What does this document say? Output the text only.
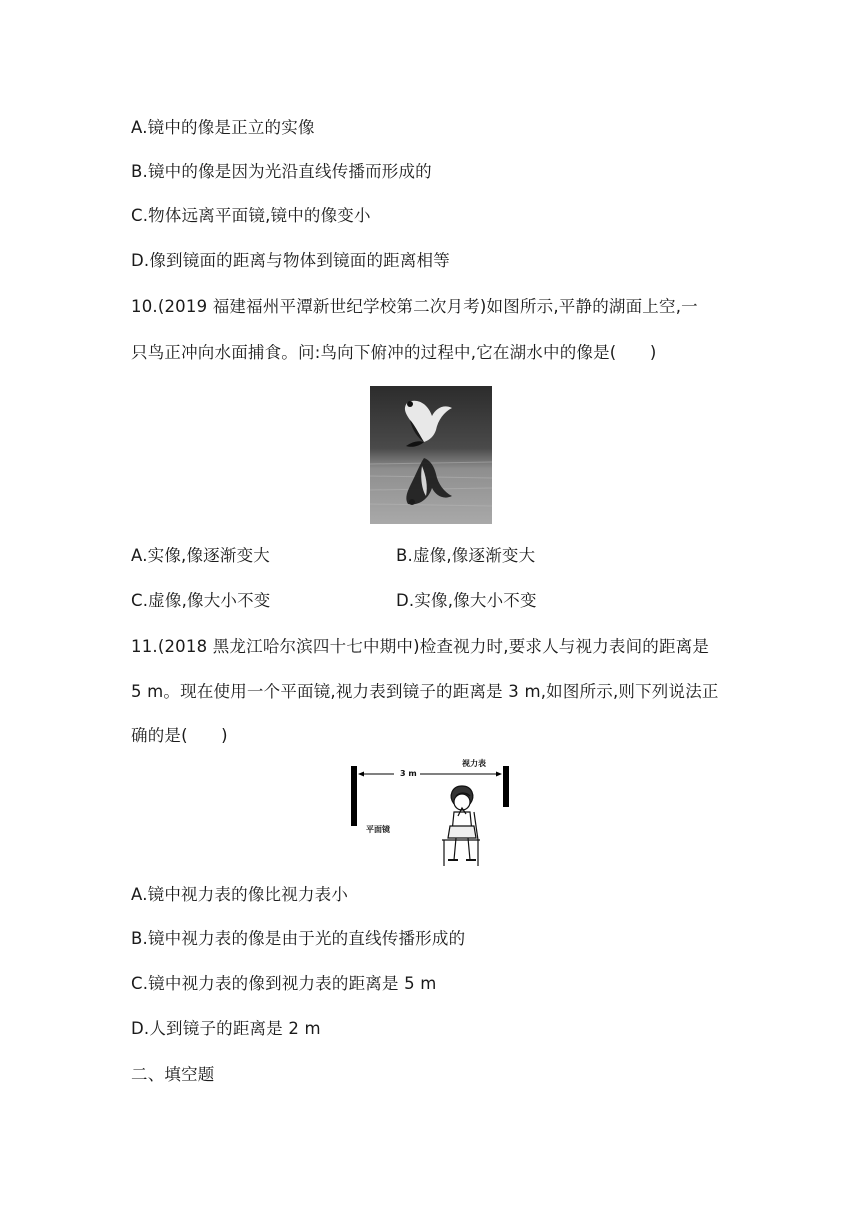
A.镜中的像是正立的实像
B.镜中的像是因为光沿直线传播而形成的
C.物体远离平面镜,镜中的像变小
D.像到镜面的距离与物体到镜面的距离相等
10.(2019 福建福州平潭新世纪学校第二次月考)如图所示,平静的湖面上空,一
只鸟正冲向水面捕食。问:鸟向下俯冲的过程中,它在湖水中的像是(　　)
A.实像,像逐渐变大	B.虚像,像逐渐变大
C.虚像,像大小不变	D.实像,像大小不变
11.(2018 黑龙江哈尔滨四十七中期中)检查视力时,要求人与视力表间的距离是
5 m。现在使用一个平面镜,视力表到镜子的距离是 3 m,如图所示,则下列说法正
确的是(　　)
3 m
视力表
平面镜
A.镜中视力表的像比视力表小
B.镜中视力表的像是由于光的直线传播形成的
C.镜中视力表的像到视力表的距离是 5 m
D.人到镜子的距离是 2 m
二、填空题
